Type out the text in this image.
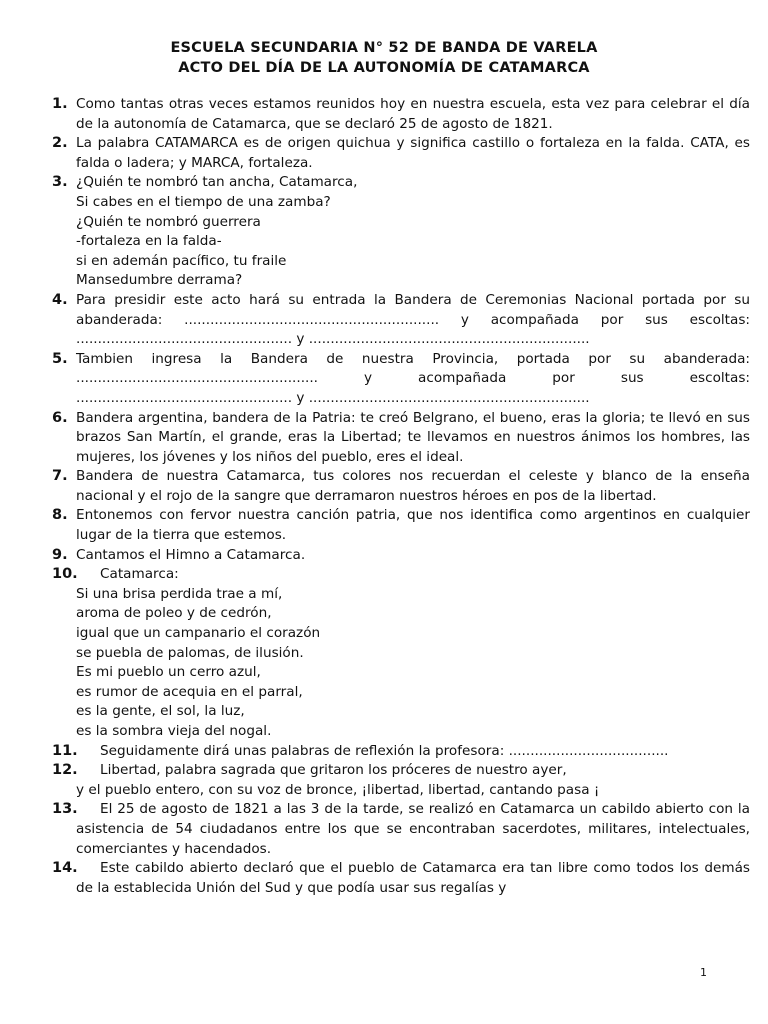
ESCUELA SECUNDARIA N° 52 DE BANDA DE VARELA
ACTO DEL DÍA DE LA AUTONOMÍA DE CATAMARCA
1. Como tantas otras veces estamos reunidos hoy en nuestra escuela, esta vez para celebrar el día de la autonomía de Catamarca, que se declaró 25 de agosto de 1821.

2. La palabra CATAMARCA es de origen quichua y significa castillo o fortaleza en la falda. CATA, es falda o ladera; y MARCA, fortaleza.

3. ¿Quién te nombró tan ancha, Catamarca,
Si cabes en el tiempo de una zamba?
¿Quién te nombró guerrera
-fortaleza en la falda-
si en ademán pacífico, tu fraile
Mansedumbre derrama?
4. Para presidir este acto hará su entrada la Bandera de Ceremonias Nacional portada por su abanderada: ........................................................... y acompañada por sus escoltas: .................................................. y .................................................................

5. Tambien ingresa la Bandera de nuestra Provincia, portada por su abanderada: ........................................................ y acompañada por sus escoltas: .................................................. y .................................................................

6. Bandera argentina, bandera de la Patria: te creó Belgrano, el bueno, eras la gloria; te llevó en sus brazos San Martín, el grande, eras la Libertad; te llevamos en nuestros ánimos los hombres, las mujeres, los jóvenes y los niños del pueblo, eres el ideal.

7. Bandera de nuestra Catamarca, tus colores nos recuerdan el celeste y blanco de la enseña nacional y el rojo de la sangre que derramaron nuestros héroes en pos de la libertad.

8. Entonemos con fervor nuestra canción patria, que nos identifica como argentinos en cualquier lugar de la tierra que estemos.

9. Cantamos el Himno a Catamarca.

10.	Catamarca:
Si una brisa perdida trae a mí,
aroma de poleo y de cedrón,
igual que un campanario el corazón
se puebla de palomas, de ilusión.
Es mi pueblo un cerro azul,
es rumor de acequia en el parral,
es la gente, el sol, la luz,
es la sombra vieja del nogal.
11.	Seguidamente dirá unas palabras de reflexión la profesora: .....................................

12.	Libertad, palabra sagrada que gritaron los próceres de nuestro ayer,
y el pueblo entero, con su voz de bronce, ¡libertad, libertad, cantando pasa ¡
13.	El 25 de agosto de 1821 a las 3 de la tarde, se realizó en Catamarca un cabildo abierto con la asistencia de 54 ciudadanos entre los que se encontraban sacerdotes, militares, intelectuales, comerciantes y hacendados.

14.	Este cabildo abierto declaró que el pueblo de Catamarca era tan libre como todos los demás de la establecida Unión del Sud y que podía usar sus regalías y

1
